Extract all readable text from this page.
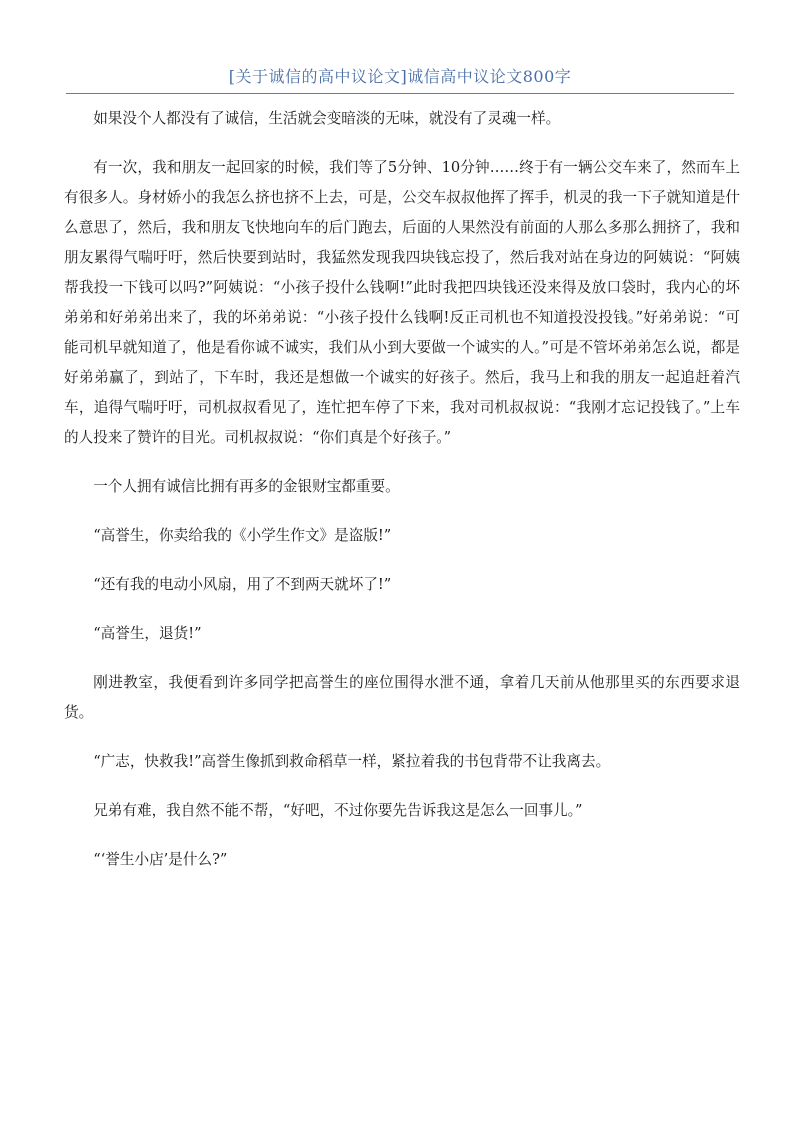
[关于诚信的高中议论文]诚信高中议论文800字

如果没个人都没有了诚信，生活就会变暗淡的无味，就没有了灵魂一样。

有一次，我和朋友一起回家的时候，我们等了5分钟、10分钟……终于有一辆公交车来了，然而车上有很多人。身材娇小的我怎么挤也挤不上去，可是，公交车叔叔他挥了挥手，机灵的我一下子就知道是什么意思了，然后，我和朋友飞快地向车的后门跑去，后面的人果然没有前面的人那么多那么拥挤了，我和朋友累得气喘吁吁，然后快要到站时，我猛然发现我四块钱忘投了，然后我对站在身边的阿姨说：“阿姨帮我投一下钱可以吗?”阿姨说：“小孩子投什么钱啊!”此时我把四块钱还没来得及放口袋时，我内心的坏弟弟和好弟弟出来了，我的坏弟弟说：“小孩子投什么钱啊!反正司机也不知道投没投钱。”好弟弟说：“可能司机早就知道了，他是看你诚不诚实，我们从小到大要做一个诚实的人。”可是不管坏弟弟怎么说，都是好弟弟赢了，到站了，下车时，我还是想做一个诚实的好孩子。然后，我马上和我的朋友一起追赶着汽车，追得气喘吁吁，司机叔叔看见了，连忙把车停了下来，我对司机叔叔说：“我刚才忘记投钱了。”上车的人投来了赞许的目光。司机叔叔说：“你们真是个好孩子。”

一个人拥有诚信比拥有再多的金银财宝都重要。

“高誉生，你卖给我的《小学生作文》是盗版!”

“还有我的电动小风扇，用了不到两天就坏了!”

“高誉生，退货!”

刚进教室，我便看到许多同学把高誉生的座位围得水泄不通，拿着几天前从他那里买的东西要求退货。

“广志，快救我!”高誉生像抓到救命稻草一样，紧拉着我的书包背带不让我离去。

兄弟有难，我自然不能不帮，“好吧，不过你要先告诉我这是怎么一回事儿。”

“‘誉生小店’是什么?”
